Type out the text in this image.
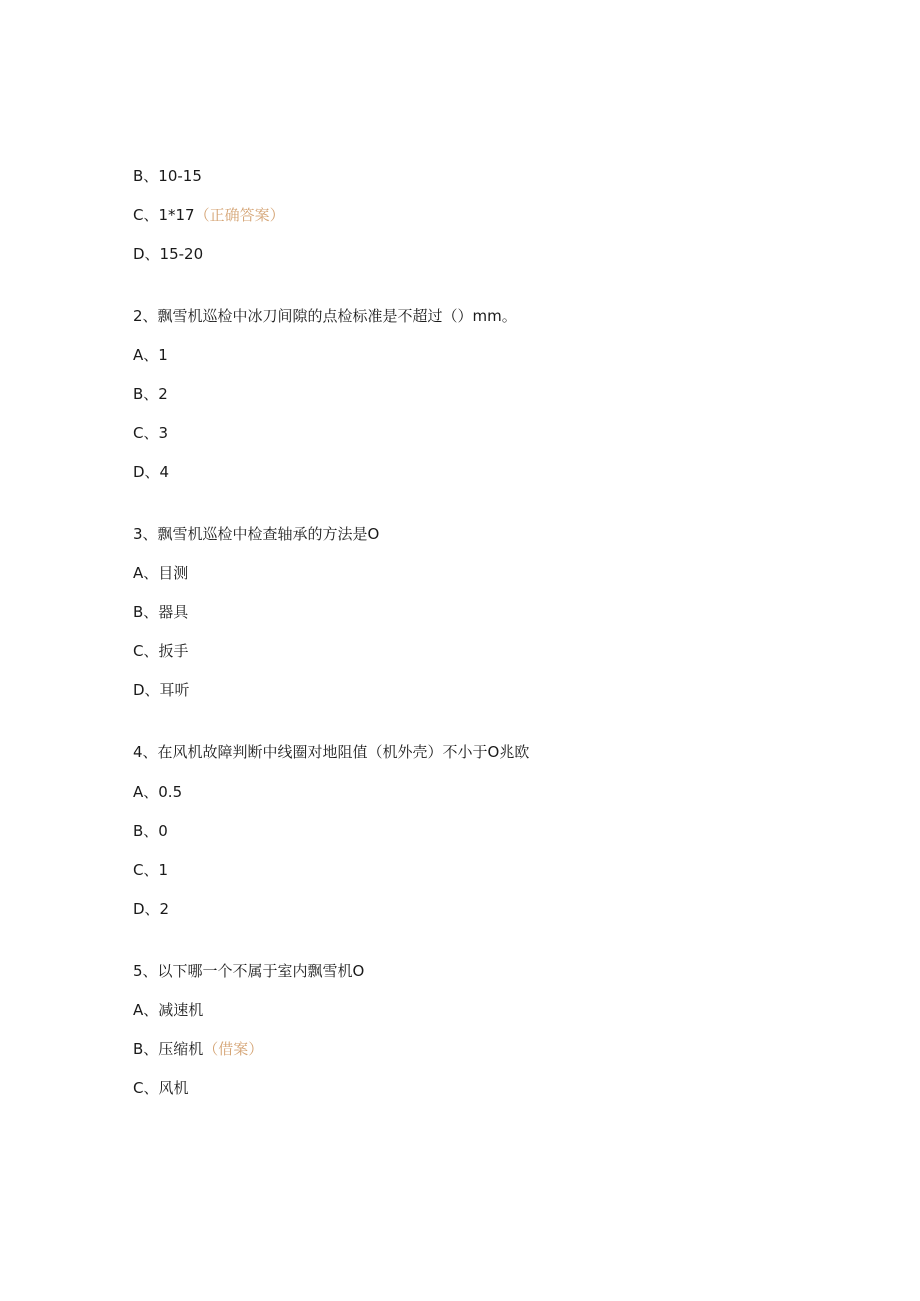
B、10-15
C、1*17（正确答案）
D、15-20
2、飘雪机巡检中冰刀间隙的点检标准是不超过（）mm。
A、1
B、2
C、3
D、4
3、飘雪机巡检中检查轴承的方法是O
A、目测
B、器具
C、扳手
D、耳听
4、在风机故障判断中线圈对地阻值（机外壳）不小于O兆欧
A、0.5
B、0
C、1
D、2
5、以下哪一个不属于室内飘雪机O
A、减速机
B、压缩机（借案）
C、风机
